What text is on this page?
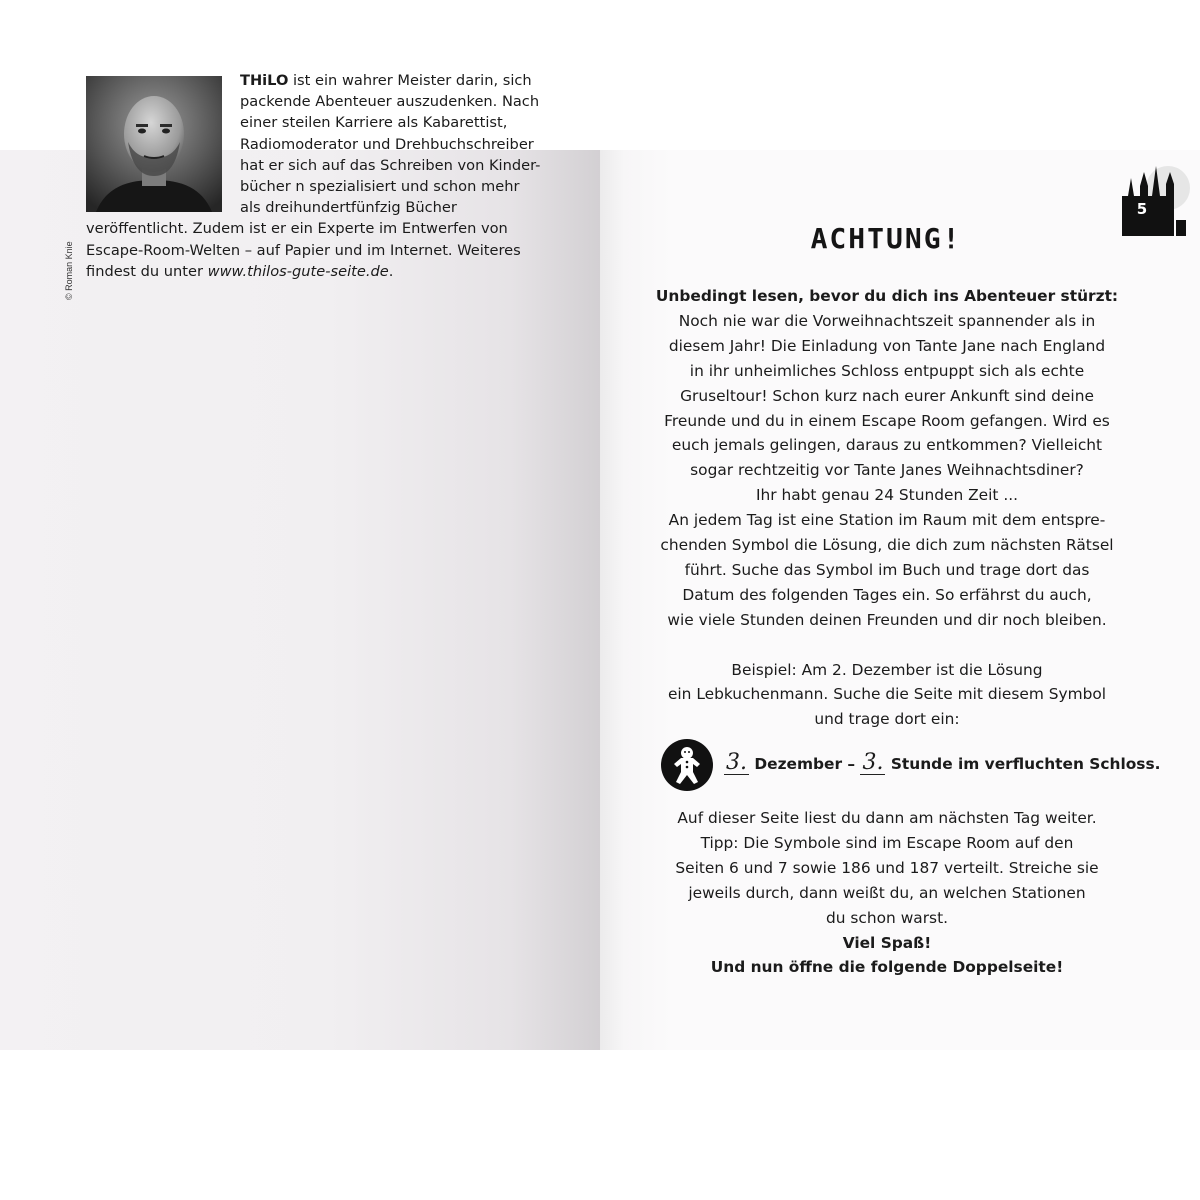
© Roman Knie
THiLO ist ein wahrer Meister darin, sich packende Abenteuer auszudenken. Nach einer steilen Karriere als Kabarettist, Radiomoderator und Drehbuchschreiber hat er sich auf das Schreiben von Kinder-bücher n spezialisiert und schon mehr als dreihundertfünfzig Bücher veröffentlicht. Zudem ist er ein Experte im Entwerfen von Escape-Room-Welten – auf Papier und im Internet. Weiteres findest du unter www.thilos-gute-seite.de.
5
ACHTUNG!

Unbedingt lesen, bevor du dich ins Abenteuer stürzt:

Noch nie war die Vorweihnachtszeit spannender als in

diesem Jahr! Die Einladung von Tante Jane nach England

in ihr unheimliches Schloss entpuppt sich als echte

Gruseltour! Schon kurz nach eurer Ankunft sind deine

Freunde und du in einem Escape Room gefangen. Wird es

euch jemals gelingen, daraus zu entkommen? Vielleicht

sogar rechtzeitig vor Tante Janes Weihnachtsdiner?

Ihr habt genau 24 Stunden Zeit ...

An jedem Tag ist eine Station im Raum mit dem entspre-

chenden Symbol die Lösung, die dich zum nächsten Rätsel

führt. Suche das Symbol im Buch und trage dort das

Datum des folgenden Tages ein. So erfährst du auch,

wie viele Stunden deinen Freunden und dir noch bleiben.

Beispiel: Am 2. Dezember ist die Lösung

ein Lebkuchenmann. Suche die Seite mit diesem Symbol

und trage dort ein:

3. Dezember – 3. Stunde im verfluchten Schloss.

Auf dieser Seite liest du dann am nächsten Tag weiter.

Tipp: Die Symbole sind im Escape Room auf den

Seiten 6 und 7 sowie 186 und 187 verteilt. Streiche sie

jeweils durch, dann weißt du, an welchen Stationen

du schon warst.

Viel Spaß!

Und nun öffne die folgende Doppelseite!
